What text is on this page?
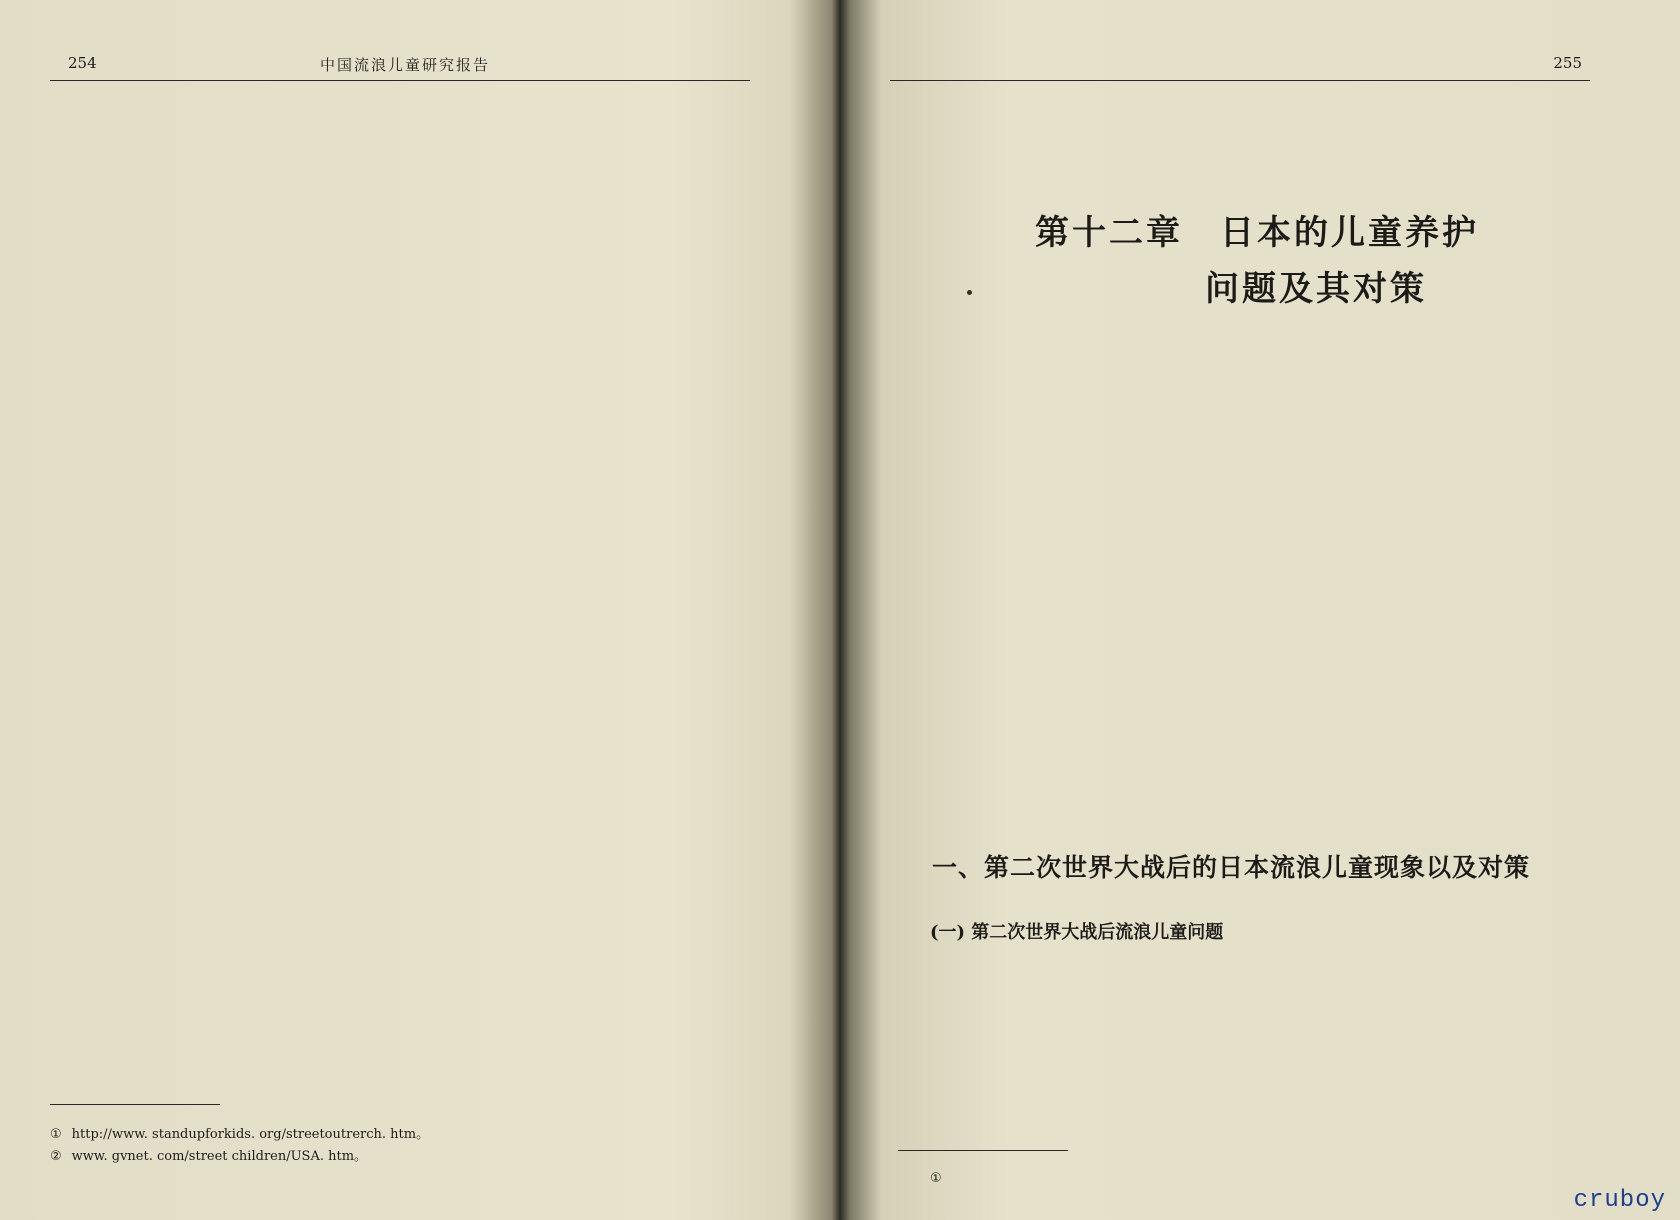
254	中国流浪儿童研究报告
① http://www. standupforkids. org/streetoutrerch. htm。
② www. gvnet. com/street children/USA. htm。
255
第十二章　日本的儿童养护
问题及其对策
一、第二次世界大战后的日本流浪儿童现象以及对策
(一) 第二次世界大战后流浪儿童问题
①
cruboy
